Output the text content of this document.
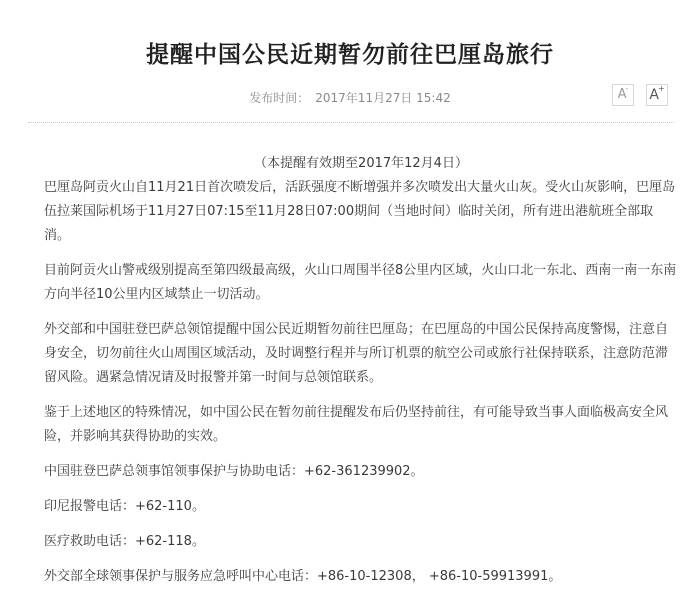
提醒中国公民近期暂勿前往巴厘岛旅行
发布时间： 2017年11月27日 15:42	A-	A+

（本提醒有效期至2017年12月4日）

巴厘岛阿贡火山自11月21日首次喷发后，活跃强度不断增强并多次喷发出大量火山灰。受火山灰影响，巴厘岛伍拉莱国际机场于11月27日07:15至11月28日07:00期间（当地时间）临时关闭，所有进出港航班全部取消。

目前阿贡火山警戒级别提高至第四级最高级，火山口周围半径8公里内区域，火山口北一东北、西南一南一东南方向半径10公里内区域禁止一切活动。

外交部和中国驻登巴萨总领馆提醒中国公民近期暂勿前往巴厘岛；在巴厘岛的中国公民保持高度警惕，注意自身安全，切勿前往火山周围区域活动，及时调整行程并与所订机票的航空公司或旅行社保持联系，注意防范滞留风险。遇紧急情况请及时报警并第一时间与总领馆联系。

鉴于上述地区的特殊情况，如中国公民在暂勿前往提醒发布后仍坚持前往，有可能导致当事人面临极高安全风险，并影响其获得协助的实效。

中国驻登巴萨总领事馆领事保护与协助电话：+62-361239902。

印尼报警电话：+62-110。

医疗救助电话：+62-118。

外交部全球领事保护与服务应急呼叫中心电话：+86-10-12308， +86-10-59913991。
